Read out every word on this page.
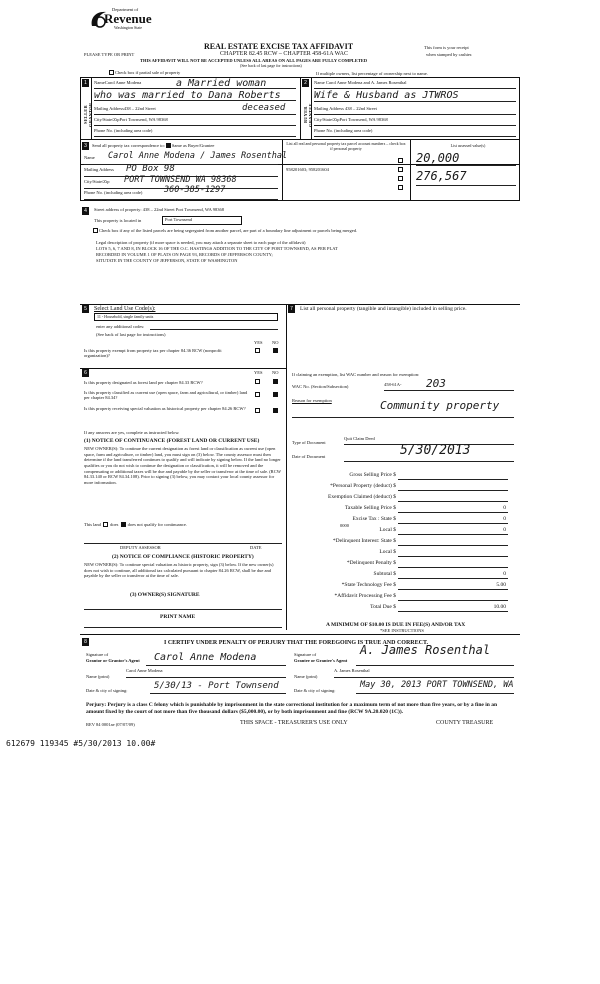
Department of
Revenue
Washington State
PLEASE TYPE OR PRINT
REAL ESTATE EXCISE TAX AFFIDAVIT
CHAPTER 82.45 RCW – CHAPTER 458-61A WAC
THIS AFFIDAVIT WILL NOT BE ACCEPTED UNLESS ALL AREAS ON ALL PAGES ARE FULLY COMPLETED
(See back of last page for instructions)
This form is your receipt
when stamped by cashier.
Check box if partial sale of property	If multiple owners, list percentage of ownership next to name.
1	2
SELLER GRANTOR	BUYER GRANTEE
NameCarol Anne Modena	a Married woman
who was married to Dana Roberts
deceased
Mailing Address438 – 22nd Street
City/State/ZipPort Townsend, WA 98368
Phone No. (including area code)
Name Carol Anne Modena and A. James Rosenthal
Wife & Husband as JTWROS
Mailing Address 438 – 22nd Street
City/State/ZipPort Townsend, WA 98368
Phone No. (including area code)
3	Send all property tax correspondence to: Same as Buyer/Grantee
Name	Carol Anne Modena / James Rosenthal
Mailing Address	PO Box 98
City/State/Zip	PORT TOWNSEND WA 98368
Phone No. (including area code)	360-385-1297
List all real and personal property tax parcel account numbers – check box if personal property
List assessed value(s)
958201603; 958201604
20,000
276,567
4	Street address of property: 438 – 22nd Street Port Townsend, WA 98368
This property is located in	Port Townsend
Check box if any of the listed parcels are being segregated from another parcel, are part of a boundary line adjustment or parcels being merged.
Legal description of property (if more space is needed, you may attach a separate sheet to each page of the affidavit)
LOTS 5, 6, 7 AND 8, IN BLOCK 16 OF THE O.C. HASTINGS ADDITION TO THE CITY OF PORT TOWNSEND, AS PER PLAT
RECORDED IN VOLUME 1 OF PLATS ON PAGE 93, RECORDS OF JEFFERSON COUNTY;
SITUTATE IN THE COUNTY OF JEFFERSON, STATE OF WASHINGTON
5	7
Select Land Use Code(s):
11 - Household, single family units
enter any additional codes:
(See back of last page for instructions)
YES NO
Is this property exempt from property tax per chapter 84.36 RCW (nonprofit organization)?
List all personal property (tangible and intangible) included in selling price.
6	YES NO
Is this property designated as forest land per chapter 84.33 RCW?
Is this property classified as current use (open space, farm and agricultural, or timber) land per chapter 84.34?
Is this property receiving special valuation as historical property per chapter 84.26 RCW?
If any answers are yes, complete as instructed below.
(1) NOTICE OF CONTINUANCE (FOREST LAND OR CURRENT USE)
NEW OWNER(S): To continue the current designation as forest land or classification as current use (open space, farm and agriculture, or timber) land, you must sign on (3) below. The county assessor must then determine if the land transferred continues to qualify and will indicate by signing below. If the land no longer qualifies or you do not wish to continue the designation or classification, it will be removed and the compensating or additional taxes will be due and payable by the seller or transferor at the time of sale. (RCW 84.33.140 or RCW 84.34.108). Prior to signing (3) below, you may contact your local county assessor for more information.
This land does does not qualify for continuance.
DEPUTY ASSESSOR	DATE
(2) NOTICE OF COMPLIANCE (HISTORIC PROPERTY)
NEW OWNER(S): To continue special valuation as historic property, sign (3) below. If the new owner(s) does not wish to continue, all additional tax calculated pursuant to chapter 84.26 RCW, shall be due and payable by the seller or transferor at the time of sale.
(3) OWNER(S) SIGNATURE
PRINT NAME
If claiming an exemption, list WAC number and reason for exemption:
WAC No. (Section/Subsection)	458-61A-	203
Reason for exemption	Community property
Type of Document
Quit Claim Deed
Date of Document	5/30/2013
Gross Selling Price $
*Personal Property (deduct) $
Exemption Claimed (deduct) $
Taxable Selling Price $	0
Excise Tax : State $	0
Local $	0
*Delinquent Interest: State $
Local $
*Delinquent Penalty $
Subtotal $	0
*State Technology Fee $	5.00
*Affidavit Processing Fee $
Total Due $	10.00
0000
A MINIMUM OF $10.00 IS DUE IN FEE(S) AND/OR TAX
*SEE INSTRUCTIONS
8	I CERTIFY UNDER PENALTY OF PERJURY THAT THE FOREGOING IS TRUE AND CORRECT.
Signature of
Grantor or Grantor's Agent Carol Anne Modena
Name (print)
Carol Anne Modena
Date & city of signing:	5/30/13 - Port Townsend
Signature of
Grantee or Grantee's Agent
A. James Rosenthal
Name (print)
A. James Rosenthal
Date & city of signing:
May 30, 2013 PORT TOWNSEND, WA
Perjury: Perjury is a class C felony which is punishable by imprisonment in the state correctional institution for a maximum term of not more than five years, or by a fine in an amount fixed by the court of not more than five thousand dollars ($5,000.00), or by both imprisonment and fine (RCW 9A.20.020 (1C)).
REV 84 0001ae (07/07/09)	THIS SPACE - TREASURER'S USE ONLY	COUNTY TREASURE
612679 119345 #5/30/2013 10.00#
